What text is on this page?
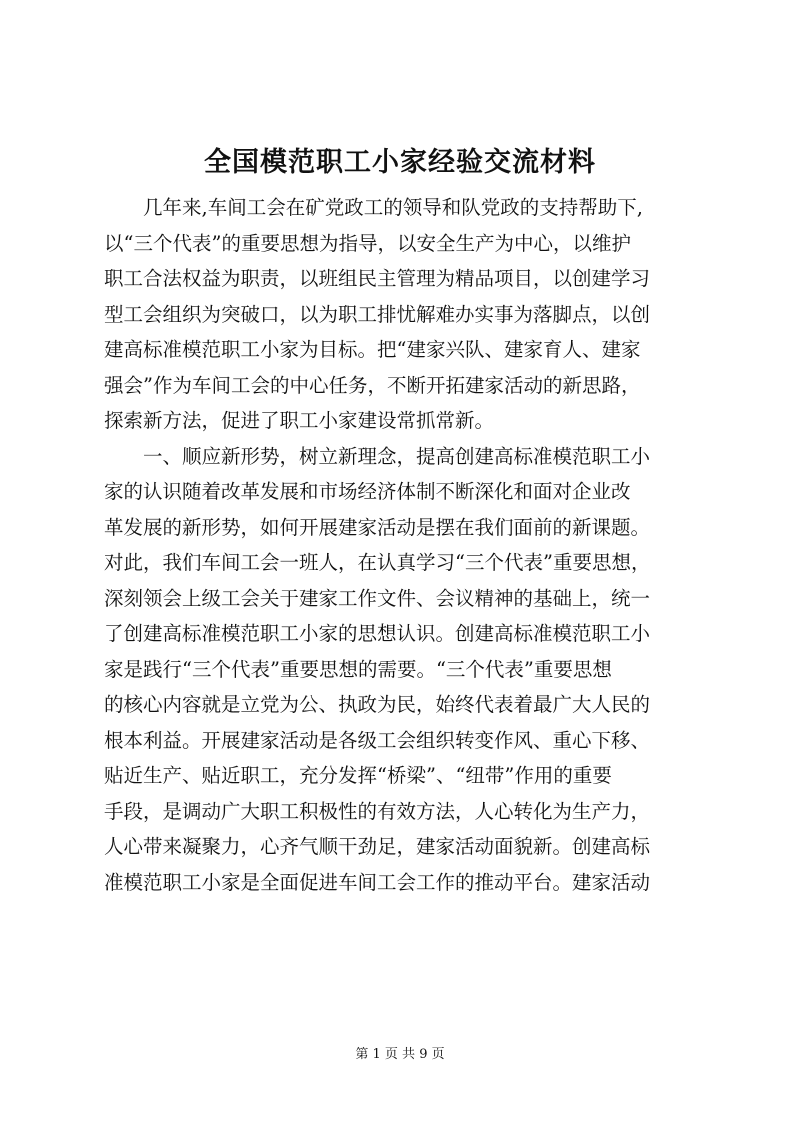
全国模范职工小家经验交流材料
几年来,车间工会在矿党政工的领导和队党政的支持帮助下,
以“三个代表”的重要思想为指导，以安全生产为中心，以维护
职工合法权益为职责，以班组民主管理为精品项目，以创建学习
型工会组织为突破口，以为职工排忧解难办实事为落脚点，以创
建高标准模范职工小家为目标。把“建家兴队、建家育人、建家
强会”作为车间工会的中心任务，不断开拓建家活动的新思路，
探索新方法，促进了职工小家建设常抓常新。
一、顺应新形势，树立新理念，提高创建高标准模范职工小
家的认识随着改革发展和市场经济体制不断深化和面对企业改
革发展的新形势，如何开展建家活动是摆在我们面前的新课题。
对此，我们车间工会一班人，在认真学习“三个代表”重要思想，
深刻领会上级工会关于建家工作文件、会议精神的基础上，统一
了创建高标准模范职工小家的思想认识。创建高标准模范职工小
家是践行“三个代表”重要思想的需要。“三个代表”重要思想
的核心内容就是立党为公、执政为民，始终代表着最广大人民的
根本利益。开展建家活动是各级工会组织转变作风、重心下移、
贴近生产、贴近职工，充分发挥“桥梁”、“纽带”作用的重要
手段，是调动广大职工积极性的有效方法，人心转化为生产力，
人心带来凝聚力，心齐气顺干劲足，建家活动面貌新。创建高标
准模范职工小家是全面促进车间工会工作的推动平台。建家活动
第 1 页 共 9 页
